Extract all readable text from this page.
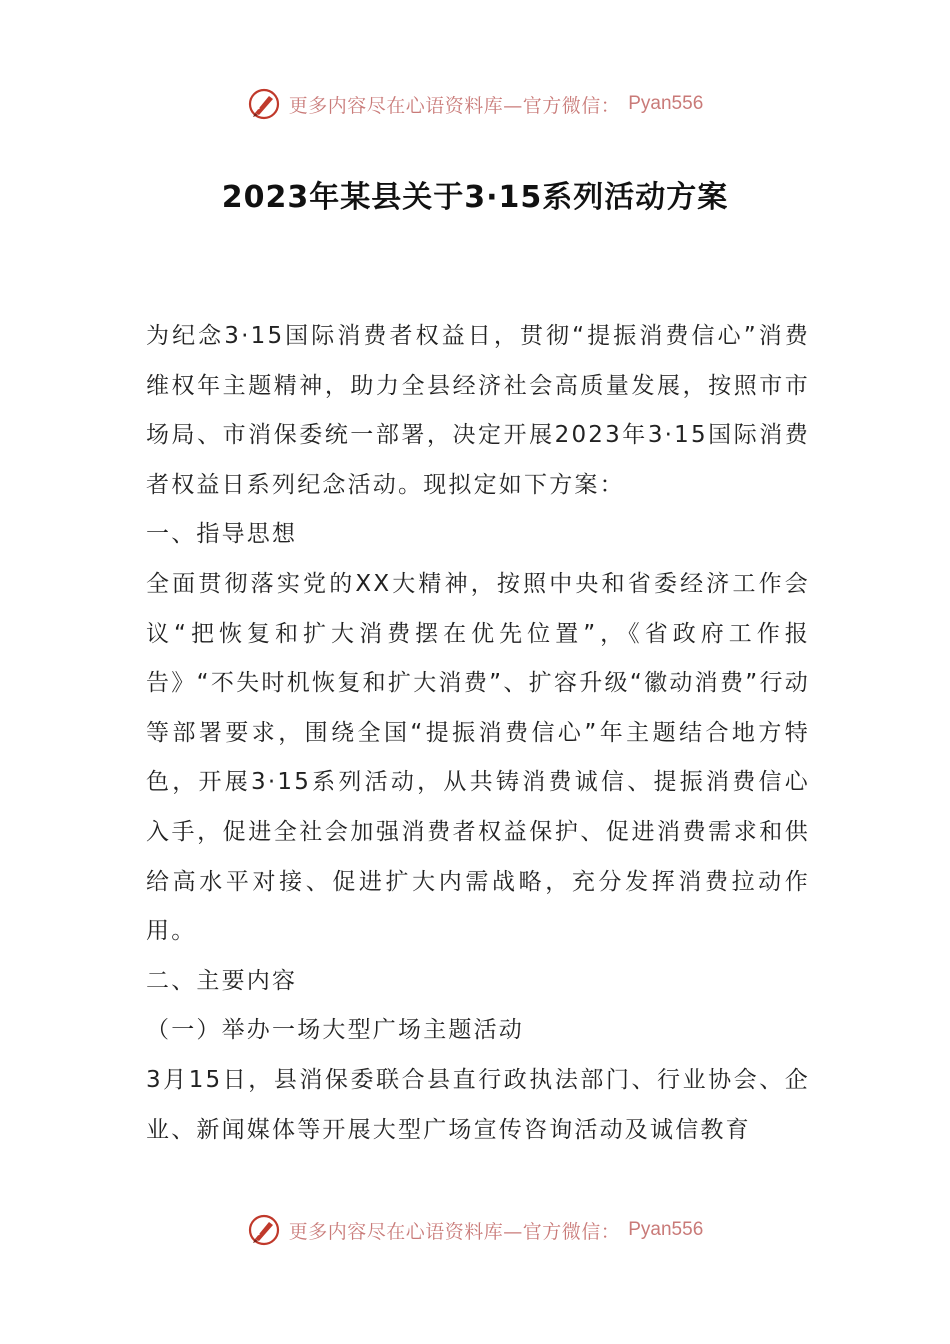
更多内容尽在心语资料库—官方微信： Pyan556
2023年某县关于3·15系列活动方案

为纪念3·15国际消费者权益日，贯彻“提振消费信心”消费维权年主题精神，助力全县经济社会高质量发展，按照市市场局、市消保委统一部署，决定开展2023年3·15国际消费者权益日系列纪念活动。现拟定如下方案：

一、指导思想

全面贯彻落实党的XX大精神，按照中央和省委经济工作会议“把恢复和扩大消费摆在优先位置”，《省政府工作报告》“不失时机恢复和扩大消费”、扩容升级“徽动消费”行动等部署要求，围绕全国“提振消费信心”年主题结合地方特色，开展3·15系列活动，从共铸消费诚信、提振消费信心入手，促进全社会加强消费者权益保护、促进消费需求和供给高水平对接、促进扩大内需战略，充分发挥消费拉动作用。

二、主要内容

（一）举办一场大型广场主题活动

3月15日，县消保委联合县直行政执法部门、行业协会、企业、新闻媒体等开展大型广场宣传咨询活动及诚信教育

更多内容尽在心语资料库—官方微信： Pyan556
